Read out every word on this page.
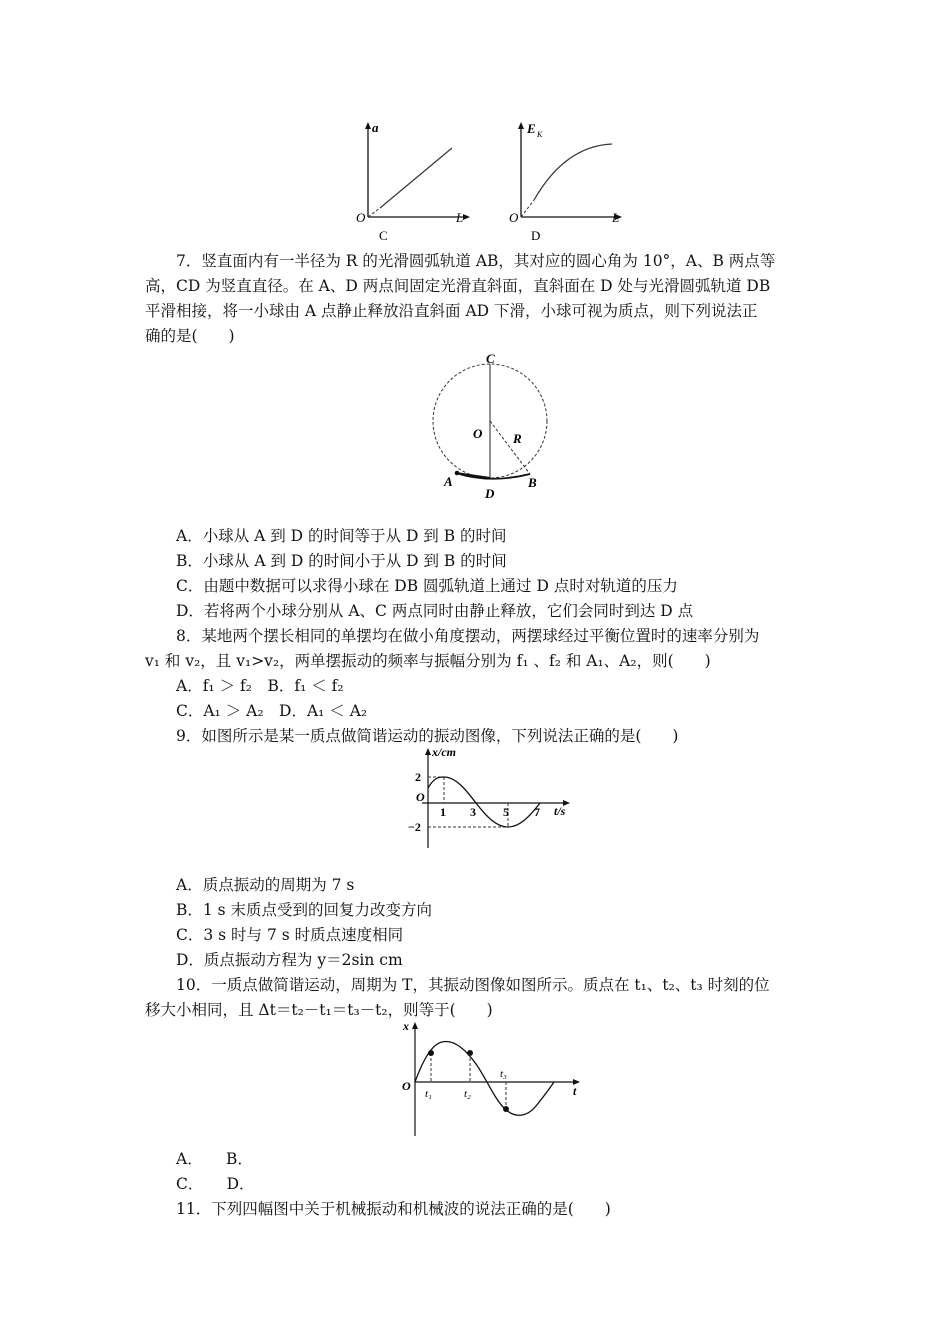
a
O	L
C
E K
O	L
D
7．竖直面内有一半径为 R 的光滑圆弧轨道 AB，其对应的圆心角为 10°，A、B 两点等
高，CD 为竖直直径。在 A、D 两点间固定光滑直斜面，直斜面在 D 处与光滑圆弧轨道 DB
平滑相接，将一小球由 A 点静止释放沿直斜面 AD 下滑，小球可视为质点，则下列说法正
确的是(　　)
C
O R
A
D
B
A．小球从 A 到 D 的时间等于从 D 到 B 的时间
B．小球从 A 到 D 的时间小于从 D 到 B 的时间
C．由题中数据可以求得小球在 DB 圆弧轨道上通过 D 点时对轨道的压力
D．若将两个小球分别从 A、C 两点同时由静止释放，它们会同时到达 D 点
8．某地两个摆长相同的单摆均在做小角度摆动，两摆球经过平衡位置时的速率分别为
v₁ 和 v₂，且 v₁>v₂，两单摆振动的频率与振幅分别为 f₁ 、f₂ 和 A₁、A₂，则(　　)
A．f₁ ＞ f₂　B．f₁ ＜ f₂
C．A₁ ＞ A₂　D．A₁ ＜ A₂
9．如图所示是某一质点做简谐运动的振动图像，下列说法正确的是(　　)
x/cm
2
−2
O
1 3 5 7 t/s
A．质点振动的周期为 7 s
B．1 s 末质点受到的回复力改变方向
C．3 s 时与 7 s 时质点速度相同
D．质点振动方程为 y＝2sin cm
10．一质点做简谐运动，周期为 T，其振动图像如图所示。质点在 t₁、t₂、t₃ 时刻的位
移大小相同，且 Δt＝t₂－t₁＝t₃－t₂，则等于(　　)
x
O
t₁	t₂
t₃
t
A．　　B．
C．　　D．
11．下列四幅图中关于机械振动和机械波的说法正确的是(　　)
